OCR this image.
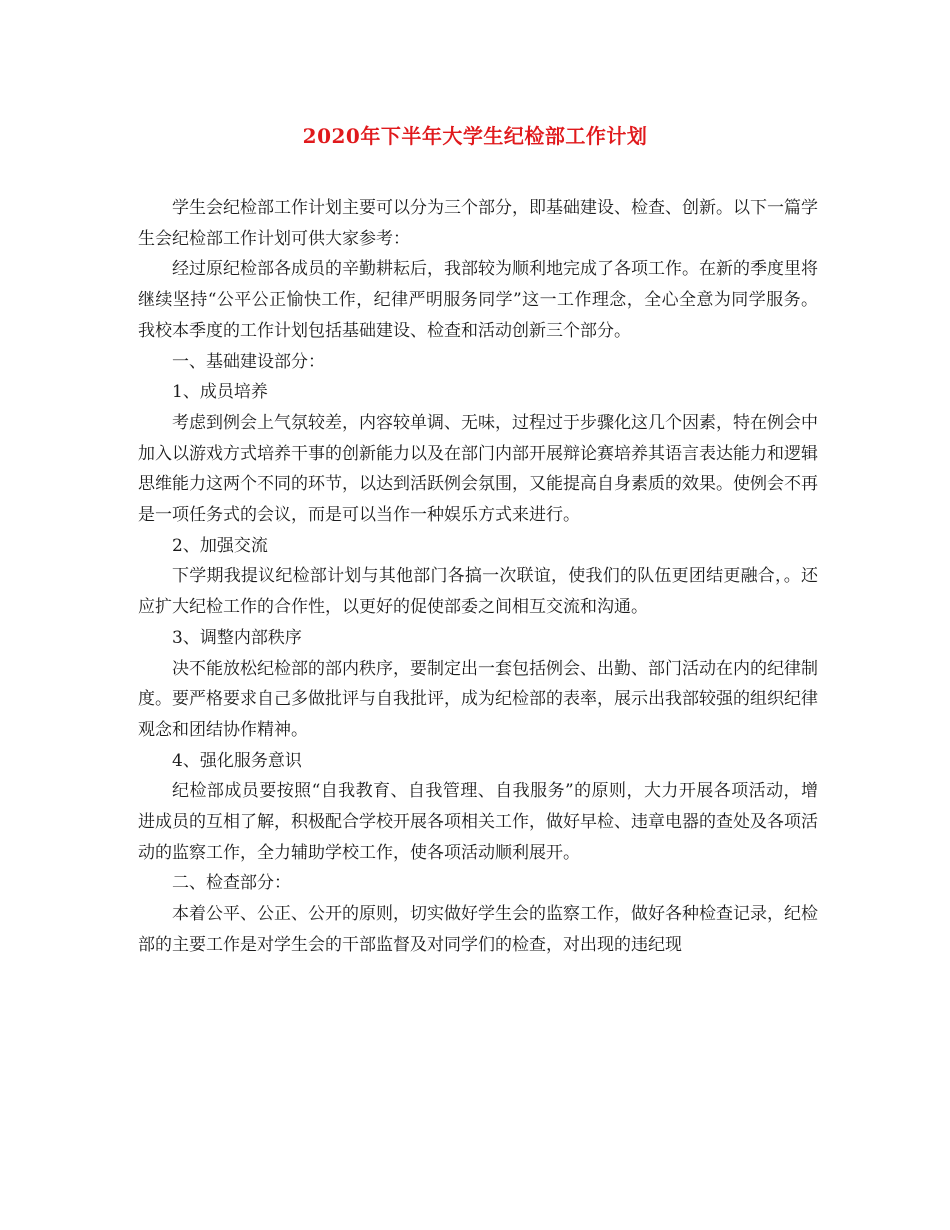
2020年下半年大学生纪检部工作计划

学生会纪检部工作计划主要可以分为三个部分，即基础建设、检查、创新。以下一篇学生会纪检部工作计划可供大家参考：

经过原纪检部各成员的辛勤耕耘后，我部较为顺利地完成了各项工作。在新的季度里将继续坚持“公平公正愉快工作，纪律严明服务同学”这一工作理念，全心全意为同学服务。我校本季度的工作计划包括基础建设、检查和活动创新三个部分。

一、基础建设部分：

1、成员培养

考虑到例会上气氛较差，内容较单调、无味，过程过于步骤化这几个因素，特在例会中加入以游戏方式培养干事的创新能力以及在部门内部开展辩论赛培养其语言表达能力和逻辑思维能力这两个不同的环节，以达到活跃例会氛围，又能提高自身素质的效果。使例会不再是一项任务式的会议，而是可以当作一种娱乐方式来进行。

2、加强交流

下学期我提议纪检部计划与其他部门各搞一次联谊，使我们的队伍更团结更融合，。还应扩大纪检工作的合作性，以更好的促使部委之间相互交流和沟通。

3、调整内部秩序

决不能放松纪检部的部内秩序，要制定出一套包括例会、出勤、部门活动在内的纪律制度。要严格要求自己多做批评与自我批评，成为纪检部的表率，展示出我部较强的组织纪律观念和团结协作精神。

4、强化服务意识

纪检部成员要按照“自我教育、自我管理、自我服务”的原则，大力开展各项活动，增进成员的互相了解，积极配合学校开展各项相关工作，做好早检、违章电器的查处及各项活动的监察工作，全力辅助学校工作，使各项活动顺利展开。

二、检查部分：

本着公平、公正、公开的原则，切实做好学生会的监察工作，做好各种检查记录，纪检部的主要工作是对学生会的干部监督及对同学们的检查，对出现的违纪现
